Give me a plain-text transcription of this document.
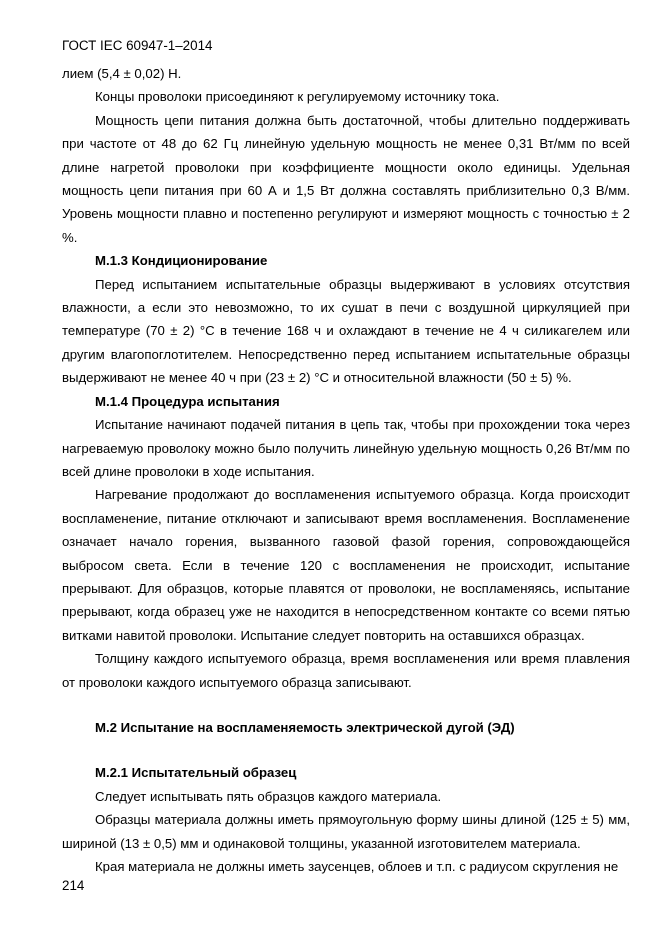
ГОСТ IEC 60947-1–2014

лием (5,4 ± 0,02) Н.

Концы проволоки присоединяют к регулируемому источнику тока.

Мощность цепи питания должна быть достаточной, чтобы длительно поддерживать при частоте от 48 до 62 Гц линейную удельную мощность не менее 0,31 Вт/мм по всей длине нагретой проволоки при коэффициенте мощности около единицы. Удельная мощность цепи питания при 60 А и 1,5 Вт должна составлять приблизительно 0,3 В/мм. Уровень мощности плавно и постепенно регулируют и измеряют мощность с точностью ± 2 %.

М.1.3 Кондиционирование

Перед испытанием испытательные образцы выдерживают в условиях отсутствия влажности, а если это невозможно, то их сушат в печи с воздушной циркуляцией при температуре (70 ± 2) °С в течение 168 ч и охлаждают в течение не 4 ч силикагелем или другим влагопоглотителем. Непосредственно перед испытанием испытательные образцы выдерживают не менее 40 ч при (23 ± 2) °С и относительной влажности (50 ± 5) %.

М.1.4 Процедура испытания

Испытание начинают подачей питания в цепь так, чтобы при прохождении тока через нагреваемую проволоку можно было получить линейную удельную мощность 0,26 Вт/мм по всей длине проволоки в ходе испытания.

Нагревание продолжают до воспламенения испытуемого образца. Когда происходит воспламенение, питание отключают и записывают время воспламенения. Воспламенение означает начало горения, вызванного газовой фазой горения, сопровождающейся выбросом света. Если в течение 120 с воспламенения не происходит, испытание прерывают. Для образцов, которые плавятся от проволоки, не воспламеняясь, испытание прерывают, когда образец уже не находится в непосредственном контакте со всеми пятью витками навитой проволоки. Испытание следует повторить на оставшихся образцах.

Толщину каждого испытуемого образца, время воспламенения или время плавления от проволоки каждого испытуемого образца записывают.

М.2 Испытание на воспламеняемость электрической дугой (ЭД)

М.2.1 Испытательный образец

Следует испытывать пять образцов каждого материала.

Образцы материала должны иметь прямоугольную форму шины длиной (125 ± 5) мм, шириной (13 ± 0,5) мм и одинаковой толщины, указанной изготовителем материала.

Края материала не должны иметь заусенцев, облоев и т.п. с радиусом скругления не

214
